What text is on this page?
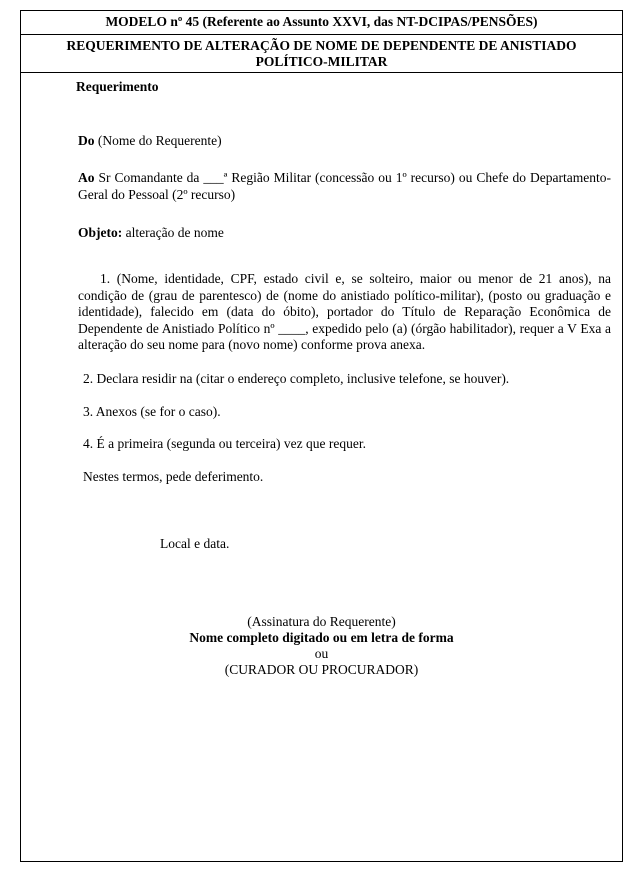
MODELO nº 45 (Referente ao Assunto XXVI, das NT-DCIPAS/PENSÕES)
REQUERIMENTO DE ALTERAÇÃO DE NOME DE DEPENDENTE DE ANISTIADO POLÍTICO-MILITAR
Requerimento
Do (Nome do Requerente)
Ao Sr Comandante da ___ª Região Militar (concessão ou 1º recurso) ou Chefe do Departamento-Geral do Pessoal (2º recurso)
Objeto: alteração de nome
1. (Nome, identidade, CPF, estado civil e, se solteiro, maior ou menor de 21 anos), na condição de (grau de parentesco) de (nome do anistiado político-militar), (posto ou graduação e identidade), falecido em (data do óbito), portador do Título de Reparação Econômica de Dependente de Anistiado Político nº ____, expedido pelo (a) (órgão habilitador), requer a V Exa a alteração do seu nome para (novo nome) conforme prova anexa.
2. Declara residir na (citar o endereço completo, inclusive telefone, se houver).
3. Anexos (se for o caso).
4. É a primeira (segunda ou terceira) vez que requer.
Nestes termos, pede deferimento.
Local e data.
(Assinatura do Requerente)
Nome completo digitado ou em letra de forma
ou
(CURADOR OU PROCURADOR)
